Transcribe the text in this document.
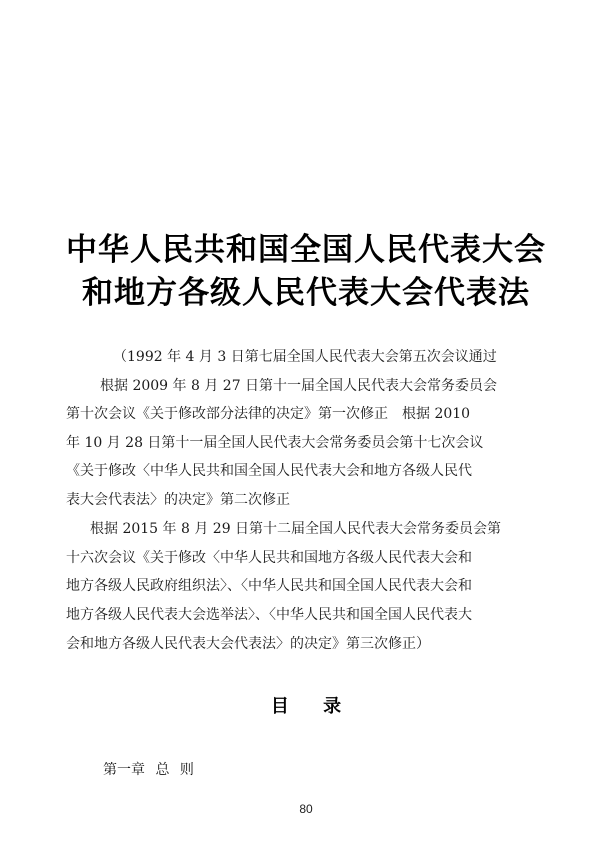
中华人民共和国全国人民代表大会
和地方各级人民代表大会代表法
（1992 年 4 月 3 日第七届全国人民代表大会第五次会议通过
根据 2009 年 8 月 27 日第十一届全国人民代表大会常务委员会
第十次会议《关于修改部分法律的决定》第一次修正　根据 2010
年 10 月 28 日第十一届全国人民代表大会常务委员会第十七次会议
《关于修改〈中华人民共和国全国人民代表大会和地方各级人民代
表大会代表法〉的决定》第二次修正
根据 2015 年 8 月 29 日第十二届全国人民代表大会常务委员会第
十六次会议《关于修改〈中华人民共和国地方各级人民代表大会和
地方各级人民政府组织法〉、〈中华人民共和国全国人民代表大会和
地方各级人民代表大会选举法〉、〈中华人民共和国全国人民代表大
会和地方各级人民代表大会代表法〉的决定》第三次修正）
目 录
第一章 总 则
80
